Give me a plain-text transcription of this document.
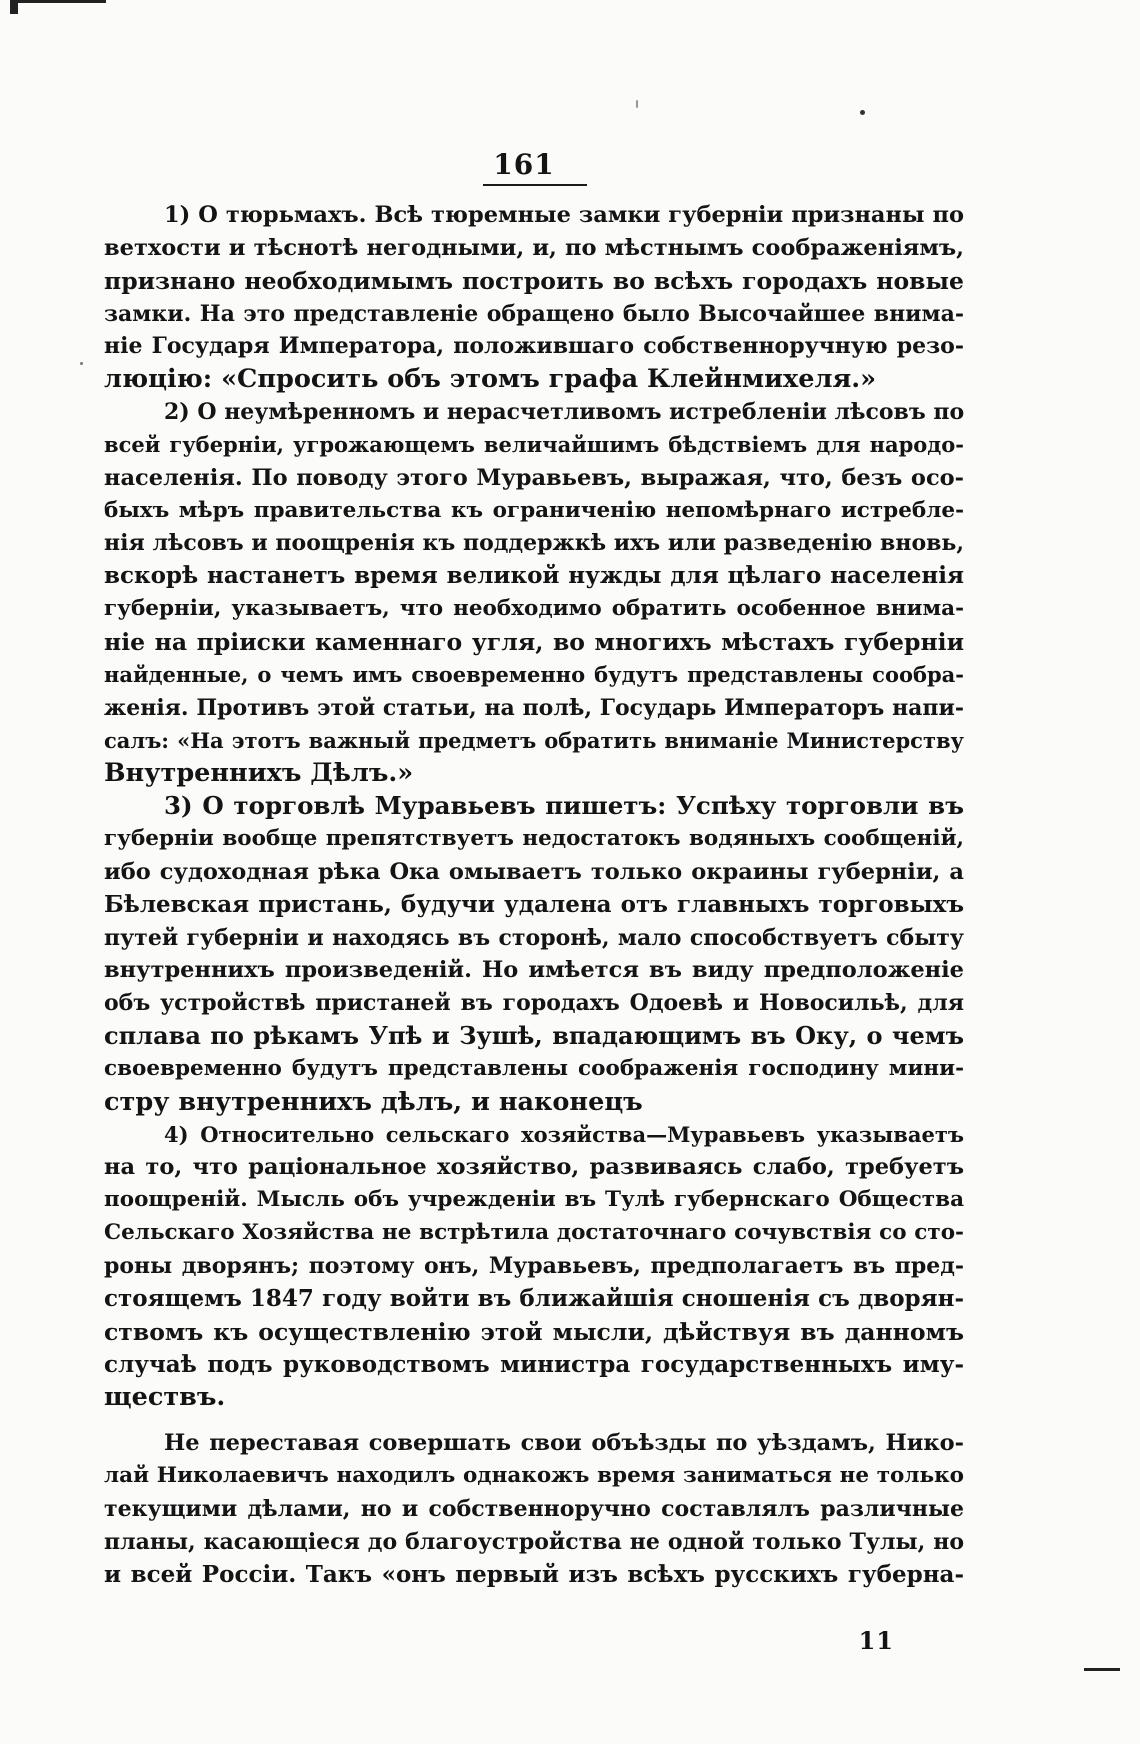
161
1) О тюрьмахъ. Всѣ тюремные замки губерніи признаны по
ветхости и тѣснотѣ негодными, и, по мѣстнымъ соображеніямъ,
признано необходимымъ построить во всѣхъ городахъ новые
замки. На это представленіе обращено было Высочайшее внима-
ніе Государя Императора, положившаго собственноручную резо-
люцію: «Спросить объ этомъ графа Клейнмихеля.»
2) О неумѣренномъ и нерасчетливомъ истребленіи лѣсовъ по
всей губерніи, угрожающемъ величайшимъ бѣдствіемъ для народо-
населенія. По поводу этого Муравьевъ, выражая, что, безъ осо-
быхъ мѣръ правительства къ ограниченію непомѣрнаго истребле-
нія лѣсовъ и поощренія къ поддержкѣ ихъ или разведенію вновь,
вскорѣ настанетъ время великой нужды для цѣлаго населенія
губерніи, указываетъ, что необходимо обратить особенное внима-
ніе на пріиски каменнаго угля, во многихъ мѣстахъ губерніи
найденные, о чемъ имъ своевременно будутъ представлены сообра-
женія. Противъ этой статьи, на полѣ, Государь Императоръ напи-
салъ: «На этотъ важный предметъ обратить вниманіе Министерству
Внутреннихъ Дѣлъ.»
3) О торговлѣ Муравьевъ пишетъ: Успѣху торговли въ
губерніи вообще препятствуетъ недостатокъ водяныхъ сообщеній,
ибо судоходная рѣка Ока омываетъ только окраины губерніи, а
Бѣлевская пристань, будучи удалена отъ главныхъ торговыхъ
путей губерніи и находясь въ сторонѣ, мало способствуетъ сбыту
внутреннихъ произведеній. Но имѣется въ виду предположеніе
объ устройствѣ пристаней въ городахъ Одоевѣ и Новосильѣ, для
сплава по рѣкамъ Упѣ и Зушѣ, впадающимъ въ Оку, о чемъ
своевременно будутъ представлены соображенія господину мини-
стру внутреннихъ дѣлъ, и наконецъ
4) Относительно сельскаго хозяйства—Муравьевъ указываетъ
на то, что раціональное хозяйство, развиваясь слабо, требуетъ
поощреній. Мысль объ учрежденіи въ Тулѣ губернскаго Общества
Сельскаго Хозяйства не встрѣтила достаточнаго сочувствія со сто-
роны дворянъ; поэтому онъ, Муравьевъ, предполагаетъ въ пред-
стоящемъ 1847 году войти въ ближайшія сношенія съ дворян-
ствомъ къ осуществленію этой мысли, дѣйствуя въ данномъ
случаѣ подъ руководствомъ министра государственныхъ иму-
ществъ.
Не переставая совершать свои объѣзды по уѣздамъ, Нико-
лай Николаевичъ находилъ однакожъ время заниматься не только
текущими дѣлами, но и собственноручно составлялъ различные
планы, касающіеся до благоустройства не одной только Тулы, но
и всей Россіи. Такъ «онъ первый изъ всѣхъ русскихъ губерна-
11
